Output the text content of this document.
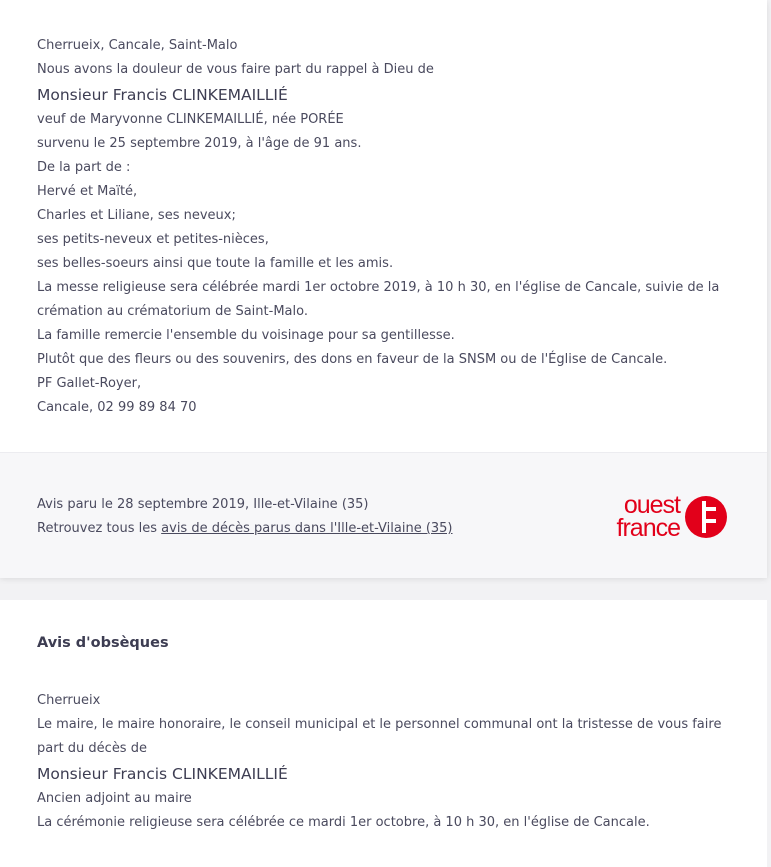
Cherrueix, Cancale, Saint-Malo
Nous avons la douleur de vous faire part du rappel à Dieu de
Monsieur Francis CLINKEMAILLIÉ
veuf de Maryvonne CLINKEMAILLIÉ, née PORÉE
survenu le 25 septembre 2019, à l'âge de 91 ans.
De la part de :
Hervé et Maïté,
Charles et Liliane, ses neveux;
ses petits-neveux et petites-nièces,
ses belles-soeurs ainsi que toute la famille et les amis.
La messe religieuse sera célébrée mardi 1er octobre 2019, à 10 h 30, en l'église de Cancale, suivie de la crémation au crématorium de Saint-Malo.
La famille remercie l'ensemble du voisinage pour sa gentillesse.
Plutôt que des fleurs ou des souvenirs, des dons en faveur de la SNSM ou de l'Église de Cancale.
PF Gallet-Royer,
Cancale, 02 99 89 84 70
Avis paru le 28 septembre 2019, Ille-et-Vilaine (35)
Retrouvez tous les avis de décès parus dans l'Ille-et-Vilaine (35)
ouest
france
Avis d'obsèques
Cherrueix
Le maire, le maire honoraire, le conseil municipal et le personnel communal ont la tristesse de vous faire part du décès de
Monsieur Francis CLINKEMAILLIÉ
Ancien adjoint au maire
La cérémonie religieuse sera célébrée ce mardi 1er octobre, à 10 h 30, en l'église de Cancale.
